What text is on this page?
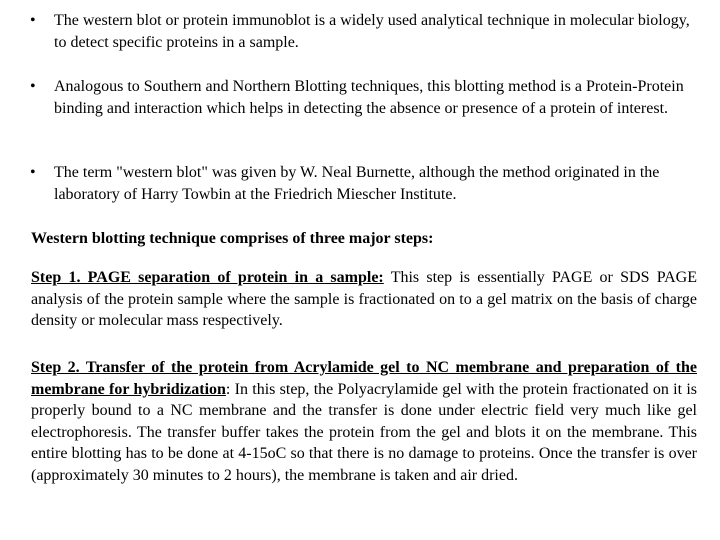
•	The western blot or protein immunoblot is a widely used analytical technique in molecular biology, to detect specific proteins in a sample.
•	Analogous to Southern and Northern Blotting techniques, this blotting method is a Protein-Protein binding and interaction which helps in detecting the absence or presence of a protein of interest.
•	The term "western blot" was given by W. Neal Burnette, although the method originated in the laboratory of Harry Towbin at the Friedrich Miescher Institute.
Western blotting technique comprises of three major steps:
Step 1. PAGE separation of protein in a sample: This step is essentially PAGE or SDS PAGE analysis of the protein sample where the sample is fractionated on to a gel matrix on the basis of charge density or molecular mass respectively.
Step 2. Transfer of the protein from Acrylamide gel to NC membrane and preparation of the membrane for hybridization: In this step, the Polyacrylamide gel with the protein fractionated on it is properly bound to a NC membrane and the transfer is done under electric field very much like gel electrophoresis. The transfer buffer takes the protein from the gel and blots it on the membrane. This entire blotting has to be done at 4-15oC so that there is no damage to proteins. Once the transfer is over (approximately 30 minutes to 2 hours), the membrane is taken and air dried.
